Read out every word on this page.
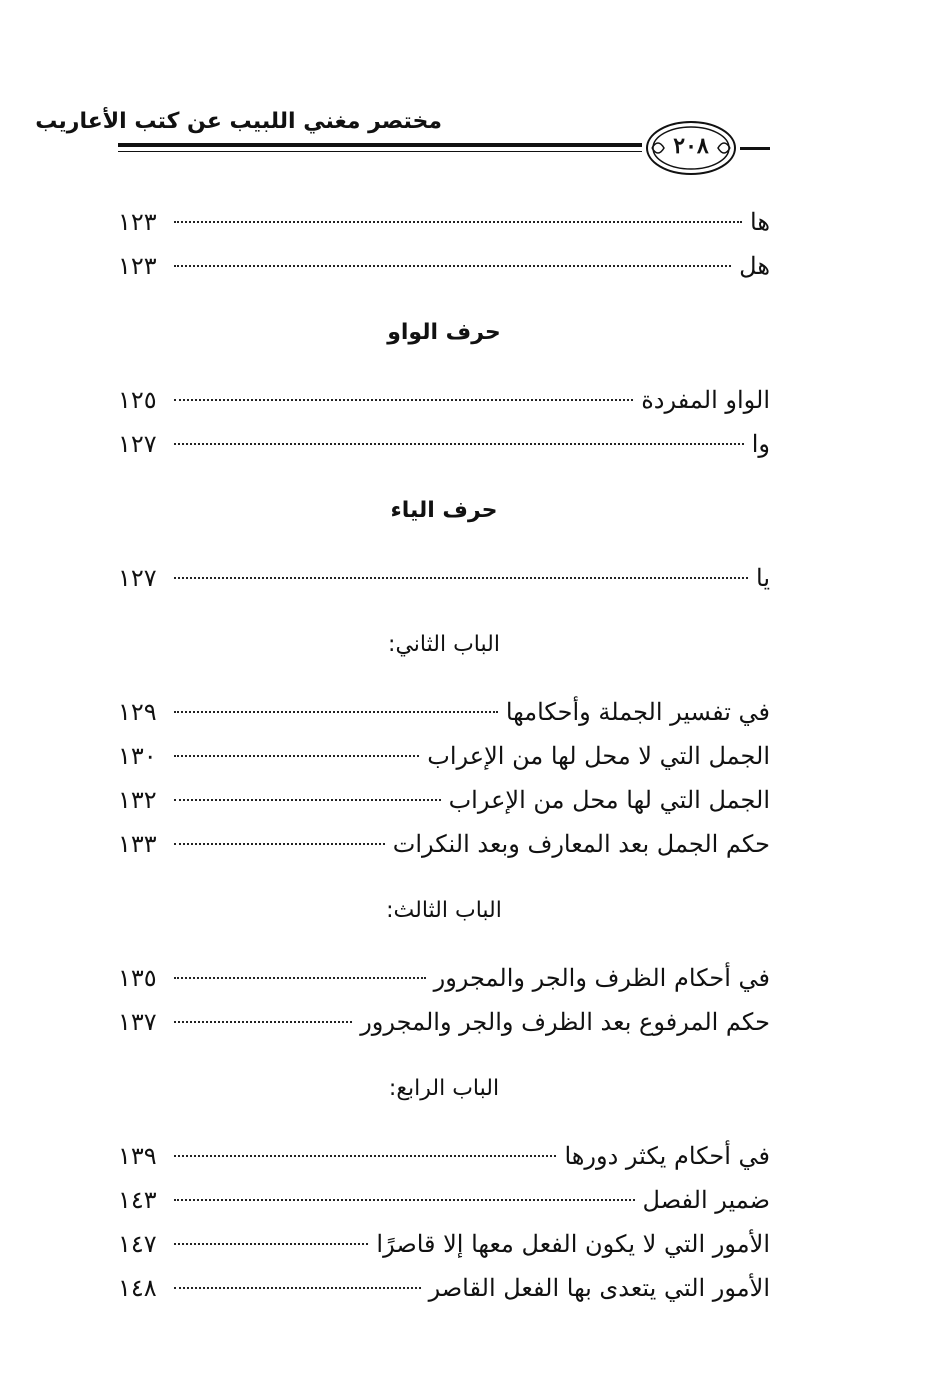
مختصر مغني اللبيب عن كتب الأعاريب
٢٠٨
ها
١٢٣
هل
١٢٣
حرف الواو
الواو المفردة
١٢٥
وا
١٢٧
حرف الياء
يا
١٢٧
الباب الثاني:
في تفسير الجملة وأحكامها
١٢٩
الجمل التي لا محل لها من الإعراب
١٣٠
الجمل التي لها محل من الإعراب
١٣٢
حكم الجمل بعد المعارف وبعد النكرات
١٣٣
الباب الثالث:
في أحكام الظرف والجر والمجرور
١٣٥
حكم المرفوع بعد الظرف والجر والمجرور
١٣٧
الباب الرابع:
في أحكام يكثر دورها
١٣٩
ضمير الفصل
١٤٣
الأمور التي لا يكون الفعل معها إلا قاصرًا
١٤٧
الأمور التي يتعدى بها الفعل القاصر
١٤٨
